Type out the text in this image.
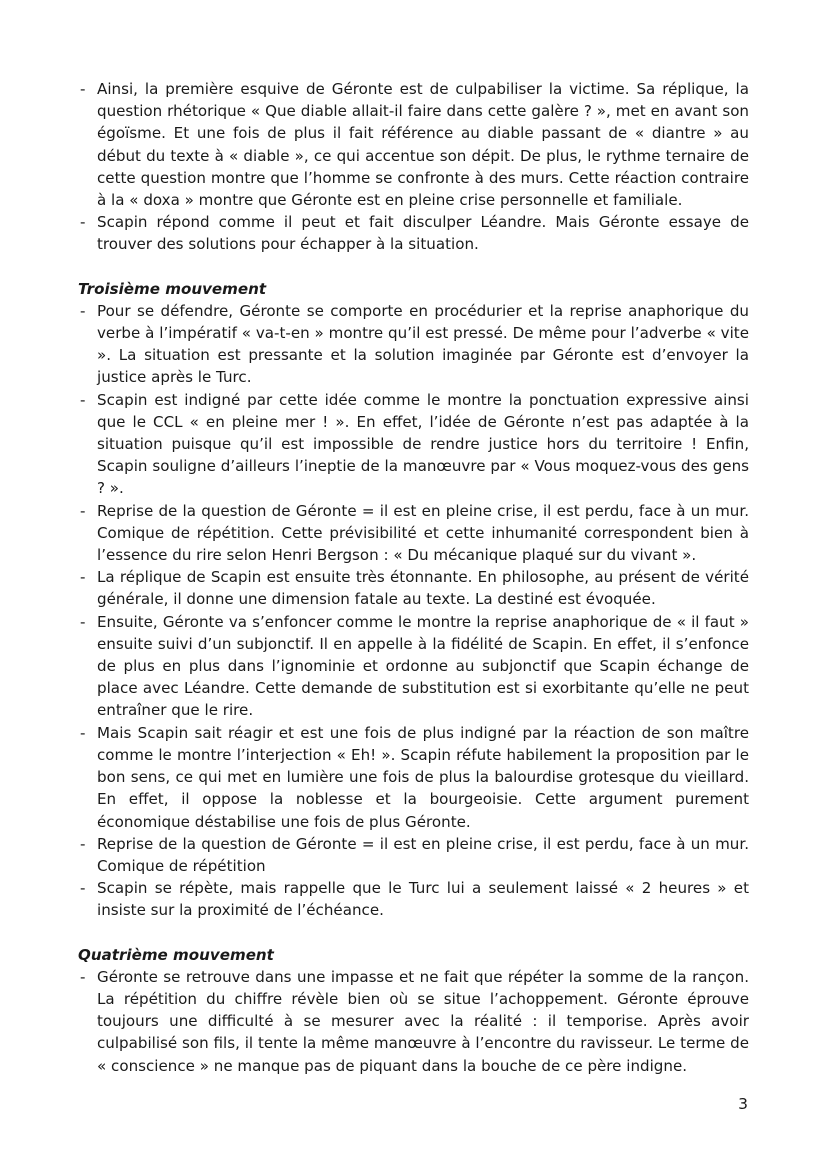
- Ainsi, la première esquive de Géronte est de culpabiliser la victime. Sa réplique, la question rhétorique « Que diable allait-il faire dans cette galère ? », met en avant son égoïsme. Et une fois de plus il fait référence au diable passant de « diantre » au début du texte à « diable », ce qui accentue son dépit. De plus, le rythme ternaire de cette question montre que l’homme se confronte à des murs. Cette réaction contraire à la « doxa » montre que Géronte est en pleine crise personnelle et familiale.
- Scapin répond comme il peut et fait disculper Léandre. Mais Géronte essaye de trouver des solutions pour échapper à la situation.

Troisième mouvement

- Pour se défendre, Géronte se comporte en procédurier et la reprise anaphorique du verbe à l’impératif « va-t-en » montre qu’il est pressé. De même pour l’adverbe « vite ». La situation est pressante et la solution imaginée par Géronte est d’envoyer la justice après le Turc.
- Scapin est indigné par cette idée comme le montre la ponctuation expressive ainsi que le CCL « en pleine mer ! ». En effet, l’idée de Géronte n’est pas adaptée à la situation puisque qu’il est impossible de rendre justice hors du territoire ! Enfin, Scapin souligne d’ailleurs l’ineptie de la manœuvre par « Vous moquez-vous des gens ? ».
- Reprise de la question de Géronte = il est en pleine crise, il est perdu, face à un mur. Comique de répétition. Cette prévisibilité et cette inhumanité correspondent bien à l’essence du rire selon Henri Bergson : « Du mécanique plaqué sur du vivant ».
- La réplique de Scapin est ensuite très étonnante. En philosophe, au présent de vérité générale, il donne une dimension fatale au texte. La destiné est évoquée.
- Ensuite, Géronte va s’enfoncer comme le montre la reprise anaphorique de « il faut » ensuite suivi d’un subjonctif. Il en appelle à la fidélité de Scapin. En effet, il s’enfonce de plus en plus dans l’ignominie et ordonne au subjonctif que Scapin échange de place avec Léandre. Cette demande de substitution est si exorbitante qu’elle ne peut entraîner que le rire.
- Mais Scapin sait réagir et est une fois de plus indigné par la réaction de son maître comme le montre l’interjection « Eh! ». Scapin réfute habilement la proposition par le bon sens, ce qui met en lumière une fois de plus la balourdise grotesque du vieillard. En effet, il oppose la noblesse et la bourgeoisie. Cette argument purement économique déstabilise une fois de plus Géronte.
- Reprise de la question de Géronte = il est en pleine crise, il est perdu, face à un mur. Comique de répétition
- Scapin se répète, mais rappelle que le Turc lui a seulement laissé « 2 heures » et insiste sur la proximité de l’échéance.

Quatrième mouvement

- Géronte se retrouve dans une impasse et ne fait que répéter la somme de la rançon. La répétition du chiffre révèle bien où se situe l’achoppement. Géronte éprouve toujours une difficulté à se mesurer avec la réalité : il temporise. Après avoir culpabilisé son fils, il tente la même manœuvre à l’encontre du ravisseur. Le terme de « conscience » ne manque pas de piquant dans la bouche de ce père indigne.
3
